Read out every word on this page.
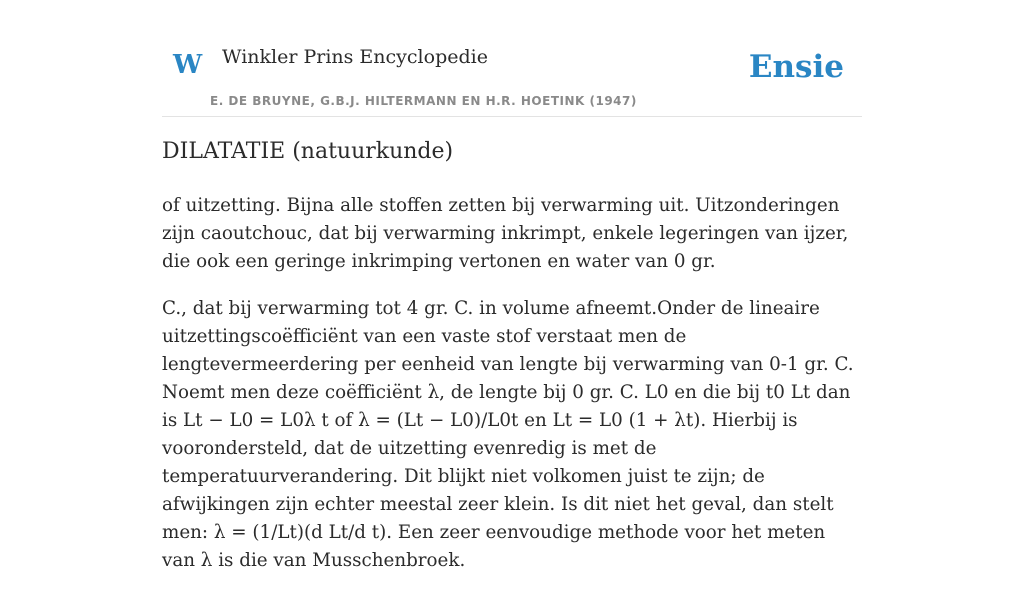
W Winkler Prins Encyclopedie
E. DE BRUYNE, G.B.J. HILTERMANN EN H.R. HOETINK (1947)
Ensie
DILATATIE (natuurkunde)

of uitzetting. Bijna alle stoffen zetten bij verwarming uit. Uitzonderingen zijn caoutchouc, dat bij verwarming inkrimpt, enkele legeringen van ijzer, die ook een geringe inkrimping vertonen en water van 0 gr.

C., dat bij verwarming tot 4 gr. C. in volume afneemt.Onder de lineaire uitzettingscoëfficiënt van een vaste stof verstaat men de lengtevermeerdering per eenheid van lengte bij verwarming van 0-1 gr. C. Noemt men deze coëfficiënt λ, de lengte bij 0 gr. C. L0 en die bij t0 Lt dan is Lt − L0 = L0λ t of λ = (Lt − L0)/L0t en Lt = L0 (1 + λt). Hierbij is voorondersteld, dat de uitzetting evenredig is met de temperatuurverandering. Dit blijkt niet volkomen juist te zijn; de afwijkingen zijn echter meestal zeer klein. Is dit niet het geval, dan stelt men: λ = (1/Lt)(d Lt/d t). Een zeer eenvoudige methode voor het meten van λ is die van Musschenbroek.
